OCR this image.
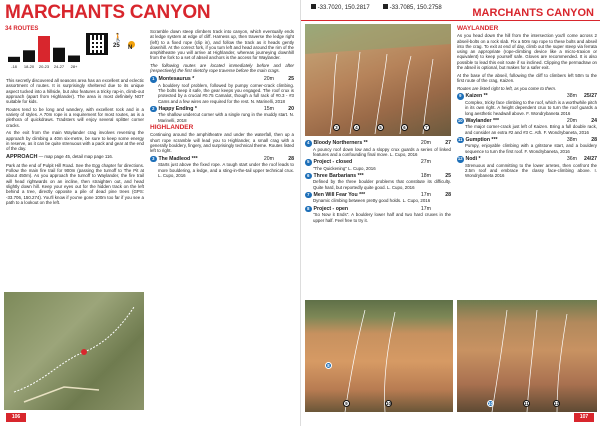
MARCHANTS CANYON
34 ROUTES
-18 18-20 20-23 24-27 28+
🚶
25	N

This secretly discovered all seasons area has an excellent and eclectic assortment of routes. It is surprisingly sheltered due to its unique aspect tucked into a hillside, but also features a tricky rap-in, climb-out approach (apart from Highlander). The area is most definitely NOT suitable for kids.

Routes tend to be long and wandery, with excellent rock and in a variety of styles. A 70m rope is a requirement for most routes, as is a plethora of quickdraws. Tradsters will enjoy several splitter corner cracks.

As the exit from the main Waylander crag involves reversing the approach by climbing a 40m six-metre, be sure to keep some energy in reserve, as it can be quite strenuous with a pack and gear at the end of the day.

APPROACH — map page 45, detail map page 116.

Park at the end of Pulpit Hill Road. See the Egg chapter for directions. Follow the main fire trail for 900m (passing the turnoff to The Pit at about 450m). As you approach the turnoff to Waylander, the fire trail will head rightwards on an incline, then straighten out, and head slightly down hill. Keep your eyes out for the hidden track on the left behind a tree, directly opposite a pile of dead pine trees (GPS: -33.706, 150.274). You'll know if you've gone 100m too far if you see a path to a lookout on the left.

Scramble down steep climbers track into canyon, which eventually ends at ledge system at edge of cliff. Harness up, then traverse the ledge right (left) to a fixed rope (clip in), and follow the track as it heads gently downhill. At the correct fork, if you turn left and head around the rim of the amphitheatre you will arrive at Highlander, whereas journeying downhill from the fork to a set of abseil anchors is the access for Waylander.

The following routes are located immediately before and after (respectively) the first sketchy rope traverse before the main crags.

1 Montesaurus *	20m	25
A bouldery roof problem, followed by pumpy corner-crack climbing. The bolts keep it safe, the gear keeps you engaged. The roof crux is protected by a crucial #0.75 Camalot, though a full rack of #0.3 - #3 Cams and a few wires are required for the rest. N. Marinelli, 2018
2 Happy Ending *	15m	20
The shallow undercut corner with a single rung in the muddy start. N. Marinelli, 2018
HIGHLANDER

Continuing around the amphitheatre and under the waterfall, then up a short rope scramble will lead you to Highlander, a small crag with a generally bouldery, fingery, and surprisingly technical theme. Routes listed left to right.

3 The Madleod ***	20m	28
Starts just above the fixed rope. A tough start under the roof leads to more bouldering, a ledge, and a sting-in-the-tail upper technical crux. L. Cupo, 2016
106
-33.7020, 150.2817	-33.7085, 150.2758	MARCHANTS CANYON
3	4	5	6	7
4 Bloody Northerners **	20m	27
A pouncy roof down low and a sloppy crux guards a series of linked features and a confounding final move. L. Cupo, 2016
5 Project - closed	27m
"The Quickening" L. Cupo, 2016
6 Three Barbarians ***	18m	25
Defined by the three boulder problems that constitute its difficulty. Quite hard, but reportedly quite good. L. Cupo, 2016
7 Men Will Fear You ***	17m	28
Dynamic climbing between pretty good holds. L. Cupo, 2016
8 Project - open	17m
"So Now it Ends". A bouldery lower half and two hard cruxes in the upper half. Feel free to try it.
WAYLANDER

As you head down the hill from the intersection you'll come across 2 abseil-bolts on a rock slab. Fix a 50m rap rope to these bolts and abseil into the crag. To exit at end of day, climb out the super steep via ferrata using an appropriate (rope-climbing device like a micro-traxion or equivalent) to keep yourself safe. Gloves are recommended. It is also possible to lead this exit route if so inclined. Clipping the permadraw on the abseil is optional, but makes for a safer exit.

At the base of the abseil, following the cliff to climbers left 50m to the first route of the crag, Kaizen.

Routes are listed right to left, as you come to them.

9 Kaizen **	38m	25/27
Complex, tricky face climbing to the roof, which is a worthwhile pitch in its own right. A height dependent crux to turn the roof guards a long aesthetic headwall above. F. Wondrybaneta 2016
10 Waylander ***	20m	24
The major corner-crack just left of Kaizen. Bring a full double rack, and consider an extra #2 and #3 C. Ath. F. Wondrybaneta, 2016
11 Gumption ***	38m	28
Pumpy, enjoyable climbing with a gritstone start, and a bouldery sequence to turn the first roof. F. Wondrybaneta, 2016
12 Nodi *	36m	24/27
Strenuous and committing to the lower arretes, then confront the 2.5m roof and embrace the classy face-climbing above. I. Wondrybaneta 2016
8
9	10	10	11	12
107
